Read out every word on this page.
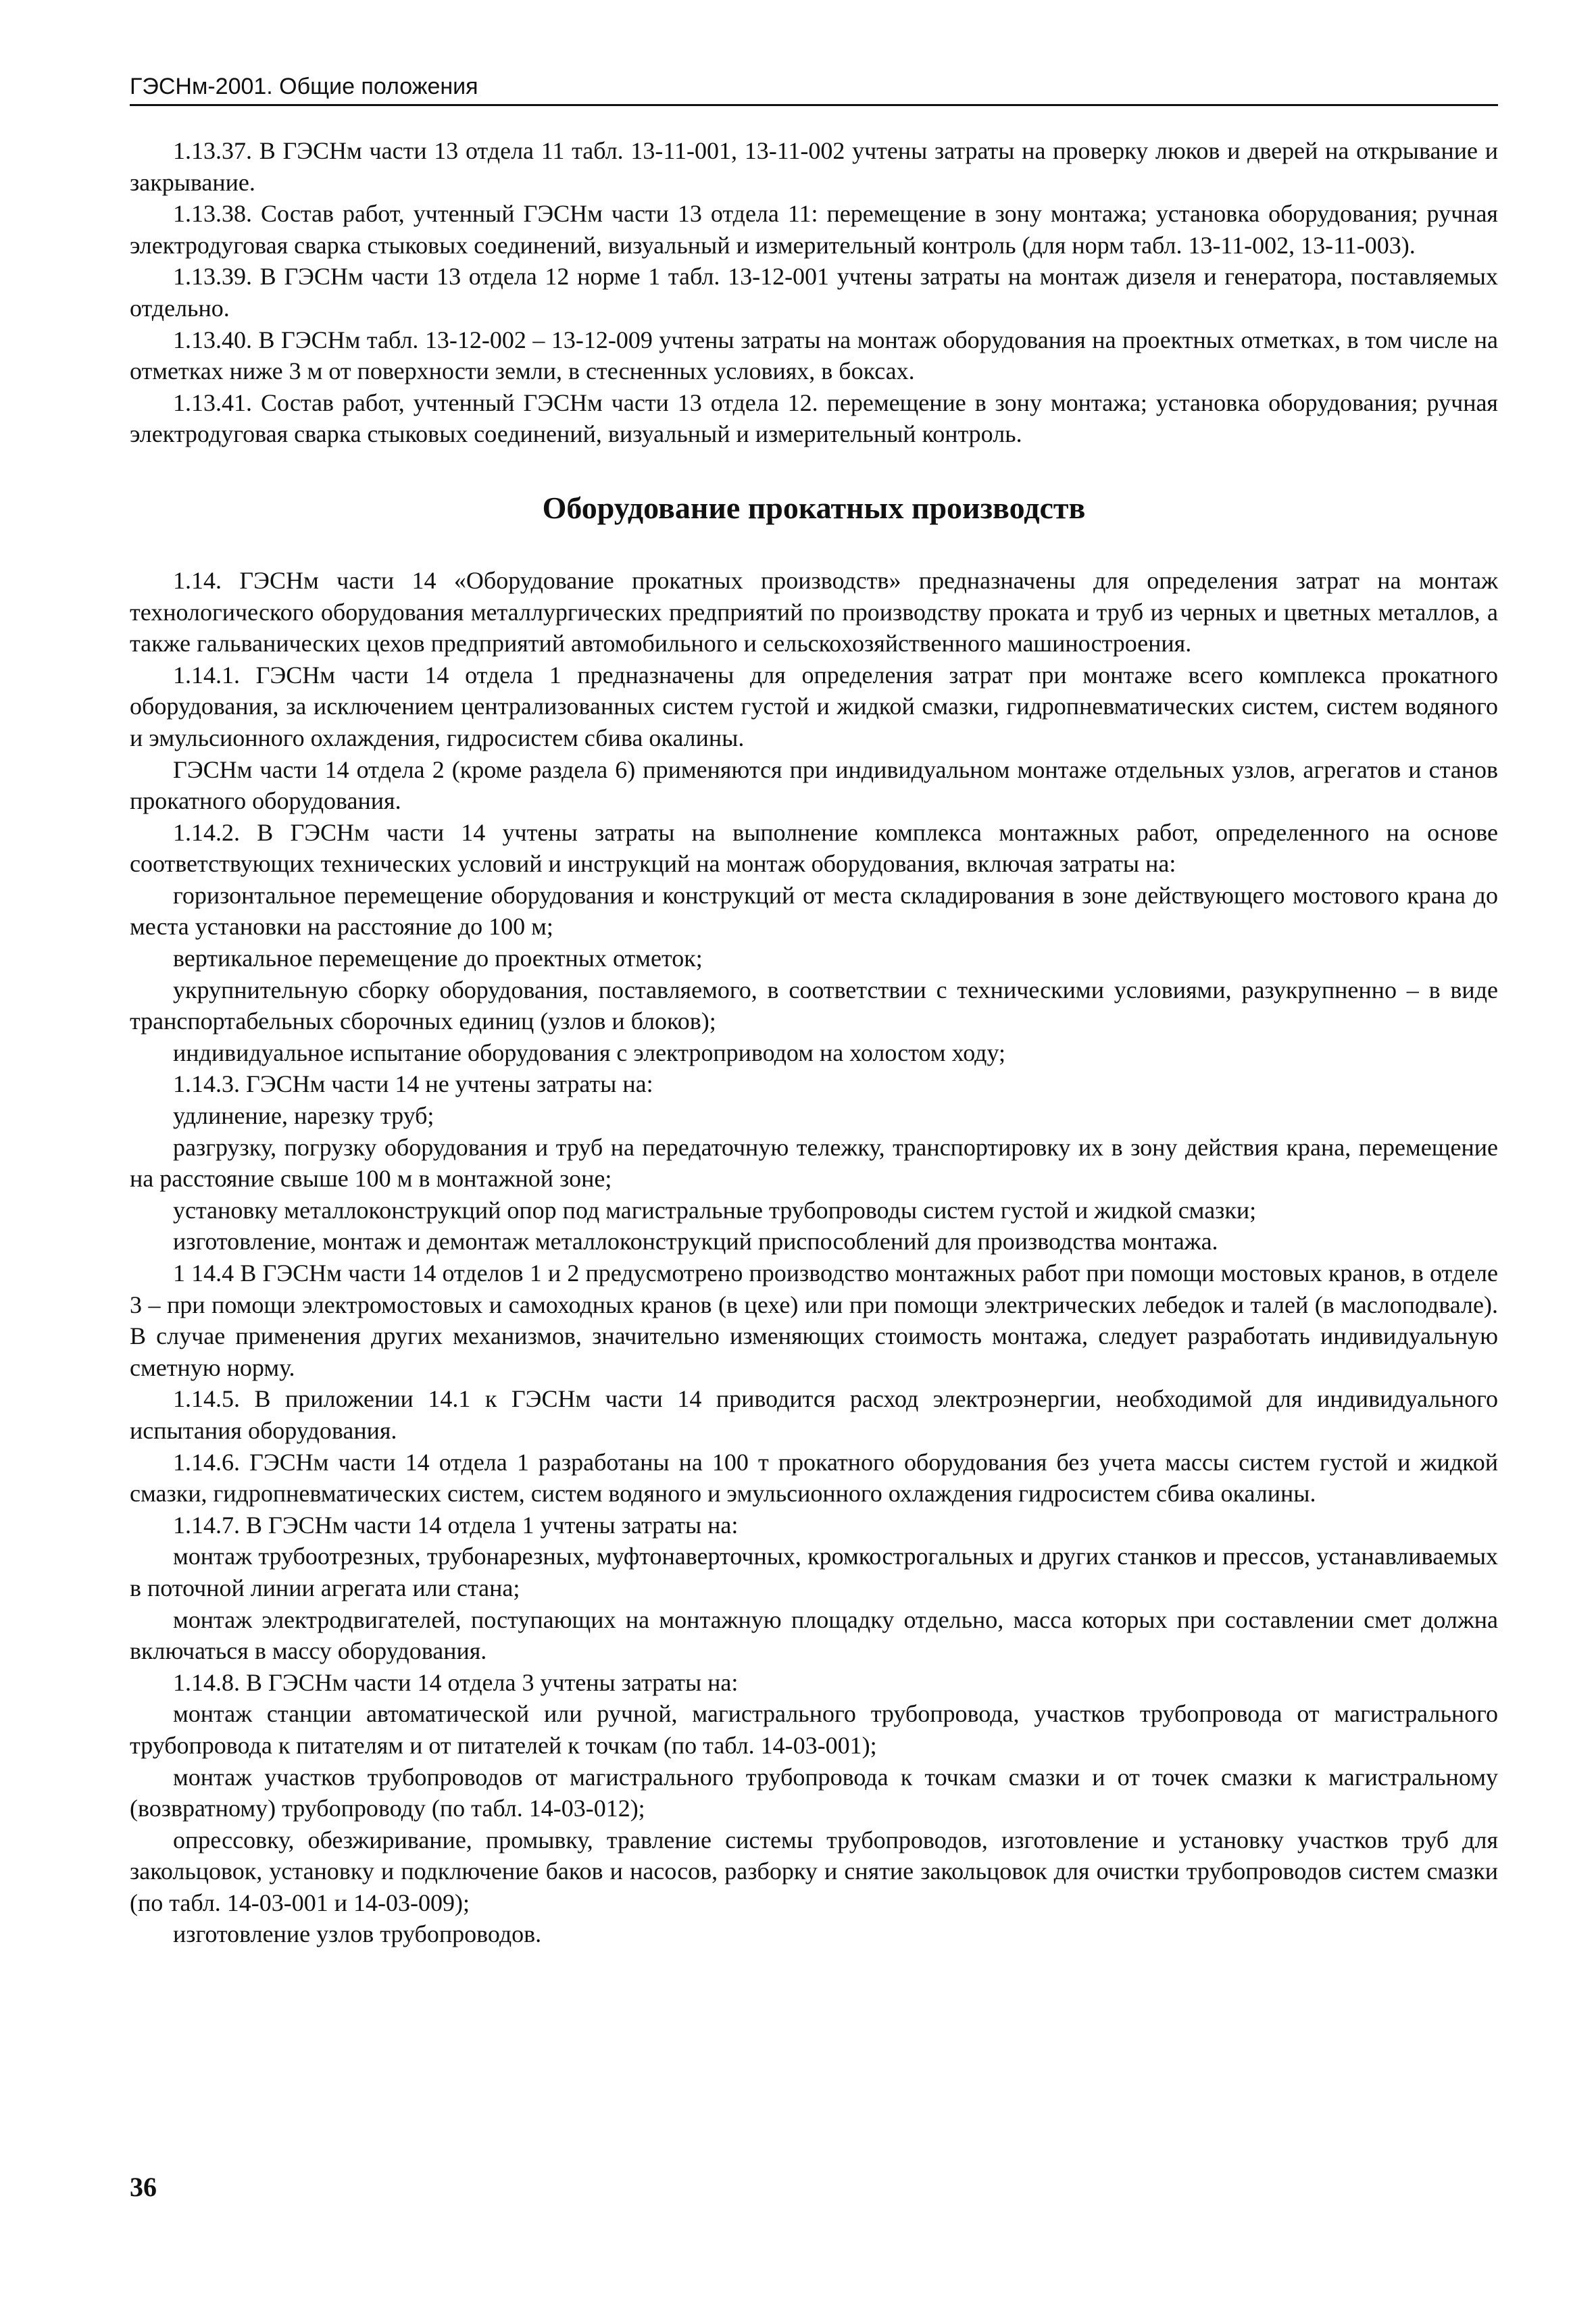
ГЭСНм-2001. Общие положения

1.13.37. В ГЭСНм части 13 отдела 11 табл. 13-11-001, 13-11-002 учтены затраты на проверку люков и дверей на открывание и закрывание.

1.13.38. Состав работ, учтенный ГЭСНм части 13 отдела 11: перемещение в зону монтажа; установка оборудования; ручная электродуговая сварка стыковых соединений, визуальный и измерительный контроль (для норм табл. 13-11-002, 13-11-003).

1.13.39. В ГЭСНм части 13 отдела 12 норме 1 табл. 13-12-001 учтены затраты на монтаж дизеля и генератора, поставляемых отдельно.

1.13.40. В ГЭСНм табл. 13-12-002 – 13-12-009 учтены затраты на монтаж оборудования на проектных отметках, в том числе на отметках ниже 3 м от поверхности земли, в стесненных условиях, в боксах.

1.13.41. Состав работ, учтенный ГЭСНм части 13 отдела 12. перемещение в зону монтажа; установка оборудования; ручная электродуговая сварка стыковых соединений, визуальный и измерительный контроль.

Оборудование прокатных производств

1.14. ГЭСНм части 14 «Оборудование прокатных производств» предназначены для определения затрат на монтаж технологического оборудования металлургических предприятий по производству проката и труб из черных и цветных металлов, а также гальванических цехов предприятий автомобильного и сельскохозяйственного машиностроения.

1.14.1. ГЭСНм части 14 отдела 1 предназначены для определения затрат при монтаже всего комплекса прокатного оборудования, за исключением централизованных систем густой и жидкой смазки, гидропневматических систем, систем водяного и эмульсионного охлаждения, гидросистем сбива окалины.

ГЭСНм части 14 отдела 2 (кроме раздела 6) применяются при индивидуальном монтаже отдельных узлов, агрегатов и станов прокатного оборудования.

1.14.2. В ГЭСНм части 14 учтены затраты на выполнение комплекса монтажных работ, определенного на основе соответствующих технических условий и инструкций на монтаж оборудования, включая затраты на:

горизонтальное перемещение оборудования и конструкций от места складирования в зоне действующего мостового крана до места установки на расстояние до 100 м;

вертикальное перемещение до проектных отметок;

укрупнительную сборку оборудования, поставляемого, в соответствии с техническими условиями, разукрупненно – в виде транспортабельных сборочных единиц (узлов и блоков);

индивидуальное испытание оборудования с электроприводом на холостом ходу;

1.14.3. ГЭСНм части 14 не учтены затраты на:

удлинение, нарезку труб;

разгрузку, погрузку оборудования и труб на передаточную тележку, транспортировку их в зону действия крана, перемещение на расстояние свыше 100 м в монтажной зоне;

установку металлоконструкций опор под магистральные трубопроводы систем густой и жидкой смазки;

изготовление, монтаж и демонтаж металлоконструкций приспособлений для производства монтажа.

1 14.4 В ГЭСНм части 14 отделов 1 и 2 предусмотрено производство монтажных работ при помощи мостовых кранов, в отделе 3 – при помощи электромостовых и самоходных кранов (в цехе) или при помощи электрических лебедок и талей (в маслоподвале). В случае применения других механизмов, значительно изменяющих стоимость монтажа, следует разработать индивидуальную сметную норму.

1.14.5. В приложении 14.1 к ГЭСНм части 14 приводится расход электроэнергии, необходимой для индивидуального испытания оборудования.

1.14.6. ГЭСНм части 14 отдела 1 разработаны на 100 т прокатного оборудования без учета массы систем густой и жидкой смазки, гидропневматических систем, систем водяного и эмульсионного охлаждения гидросистем сбива окалины.

1.14.7. В ГЭСНм части 14 отдела 1 учтены затраты на:

монтаж трубоотрезных, трубонарезных, муфтонаверточных, кромкострогальных и других станков и прессов, устанавливаемых в поточной линии агрегата или стана;

монтаж электродвигателей, поступающих на монтажную площадку отдельно, масса которых при составлении смет должна включаться в массу оборудования.

1.14.8. В ГЭСНм части 14 отдела 3 учтены затраты на:

монтаж станции автоматической или ручной, магистрального трубопровода, участков трубопровода от магистрального трубопровода к питателям и от питателей к точкам (по табл. 14-03-001);

монтаж участков трубопроводов от магистрального трубопровода к точкам смазки и от точек смазки к магистральному (возвратному) трубопроводу (по табл. 14-03-012);

опрессовку, обезжиривание, промывку, травление системы трубопроводов, изготовление и установку участков труб для закольцовок, установку и подключение баков и насосов, разборку и снятие закольцовок для очистки трубопроводов систем смазки (по табл. 14-03-001 и 14-03-009);

изготовление узлов трубопроводов.

36
